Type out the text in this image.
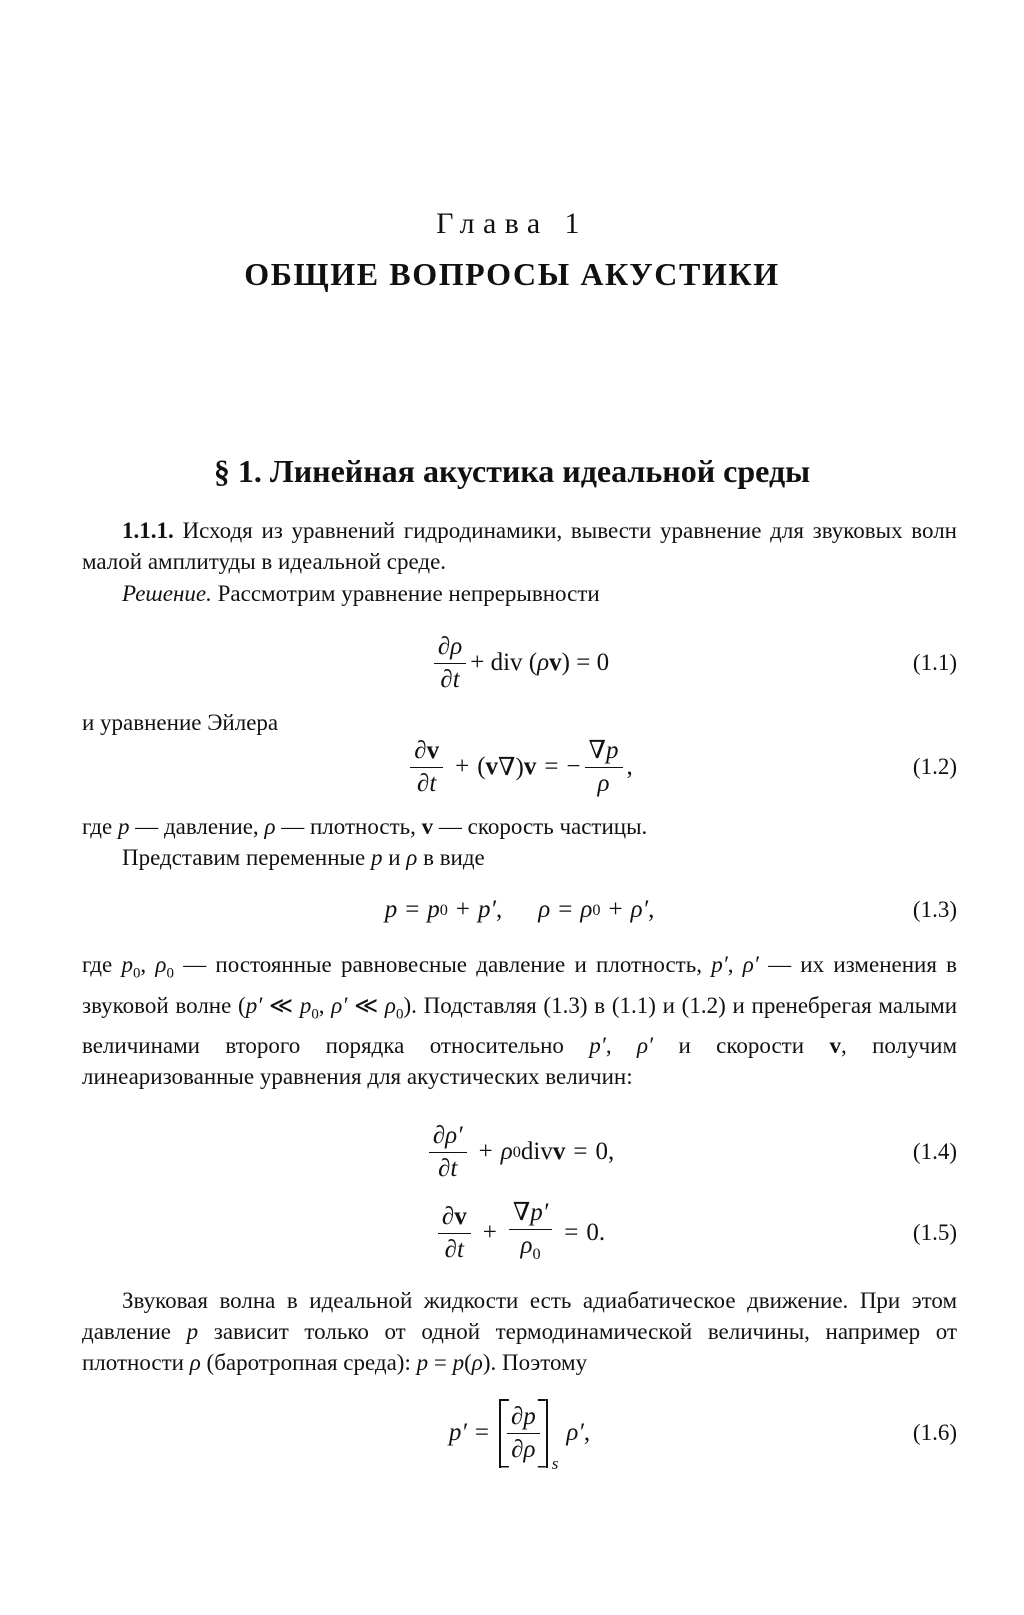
Глава 1
ОБЩИЕ ВОПРОСЫ АКУСТИКИ
§ 1. Линейная акустика идеальной среды

1.1.1. Исходя из уравнений гидродинамики, вывести уравнение для звуковых волн малой амплитуды в идеальной среде.

Решение. Рассмотрим уравнение непрерывности

$\frac{\partial\rho}{\partial t}$ + div ( ρ v ) = 0	(1.1)
и уравнение Эйлера
$\frac{\partial v}{\partial t}$ + ( v ∇) v = − $\frac{\nabla p}{\rho}$ ,	(1.2)
где p — давление, ρ — плотность, v — скорость частицы.
Представим переменные p и ρ в виде
p = p 0 + p′ , ρ = ρ 0 + ρ′ ,	(1.3)

где $p_0$, $\rho_0$ — постоянные равновесные давление и плотность, p′, ρ′ — их изменения в звуковой волне (p′ ≪ $p_0$, ρ′ ≪ $\rho_0$). Подставляя (1.3) в (1.1) и (1.2) и пренебрегая малыми величинами второго порядка относительно p′, ρ′ и скорости v, получим линеаризованные уравнения для акустических величин:

$\frac{\partial\rho'}{\partial t} + \rho$ 0 div v = 0,	(1.4)
$\frac{\partial v}{\partial t} + \frac{\nabla p'}{\rho_0} = 0$.	(1.5)

Звуковая волна в идеальной жидкости есть адиабатическое движение. При этом давление p зависит только от одной термодинамической величины, например от плотности ρ (баротропная среда): p = p(ρ). Поэтому

$p' = \frac{\partial p}{\partial\rho}$ s
ρ′ ,	(1.6)
